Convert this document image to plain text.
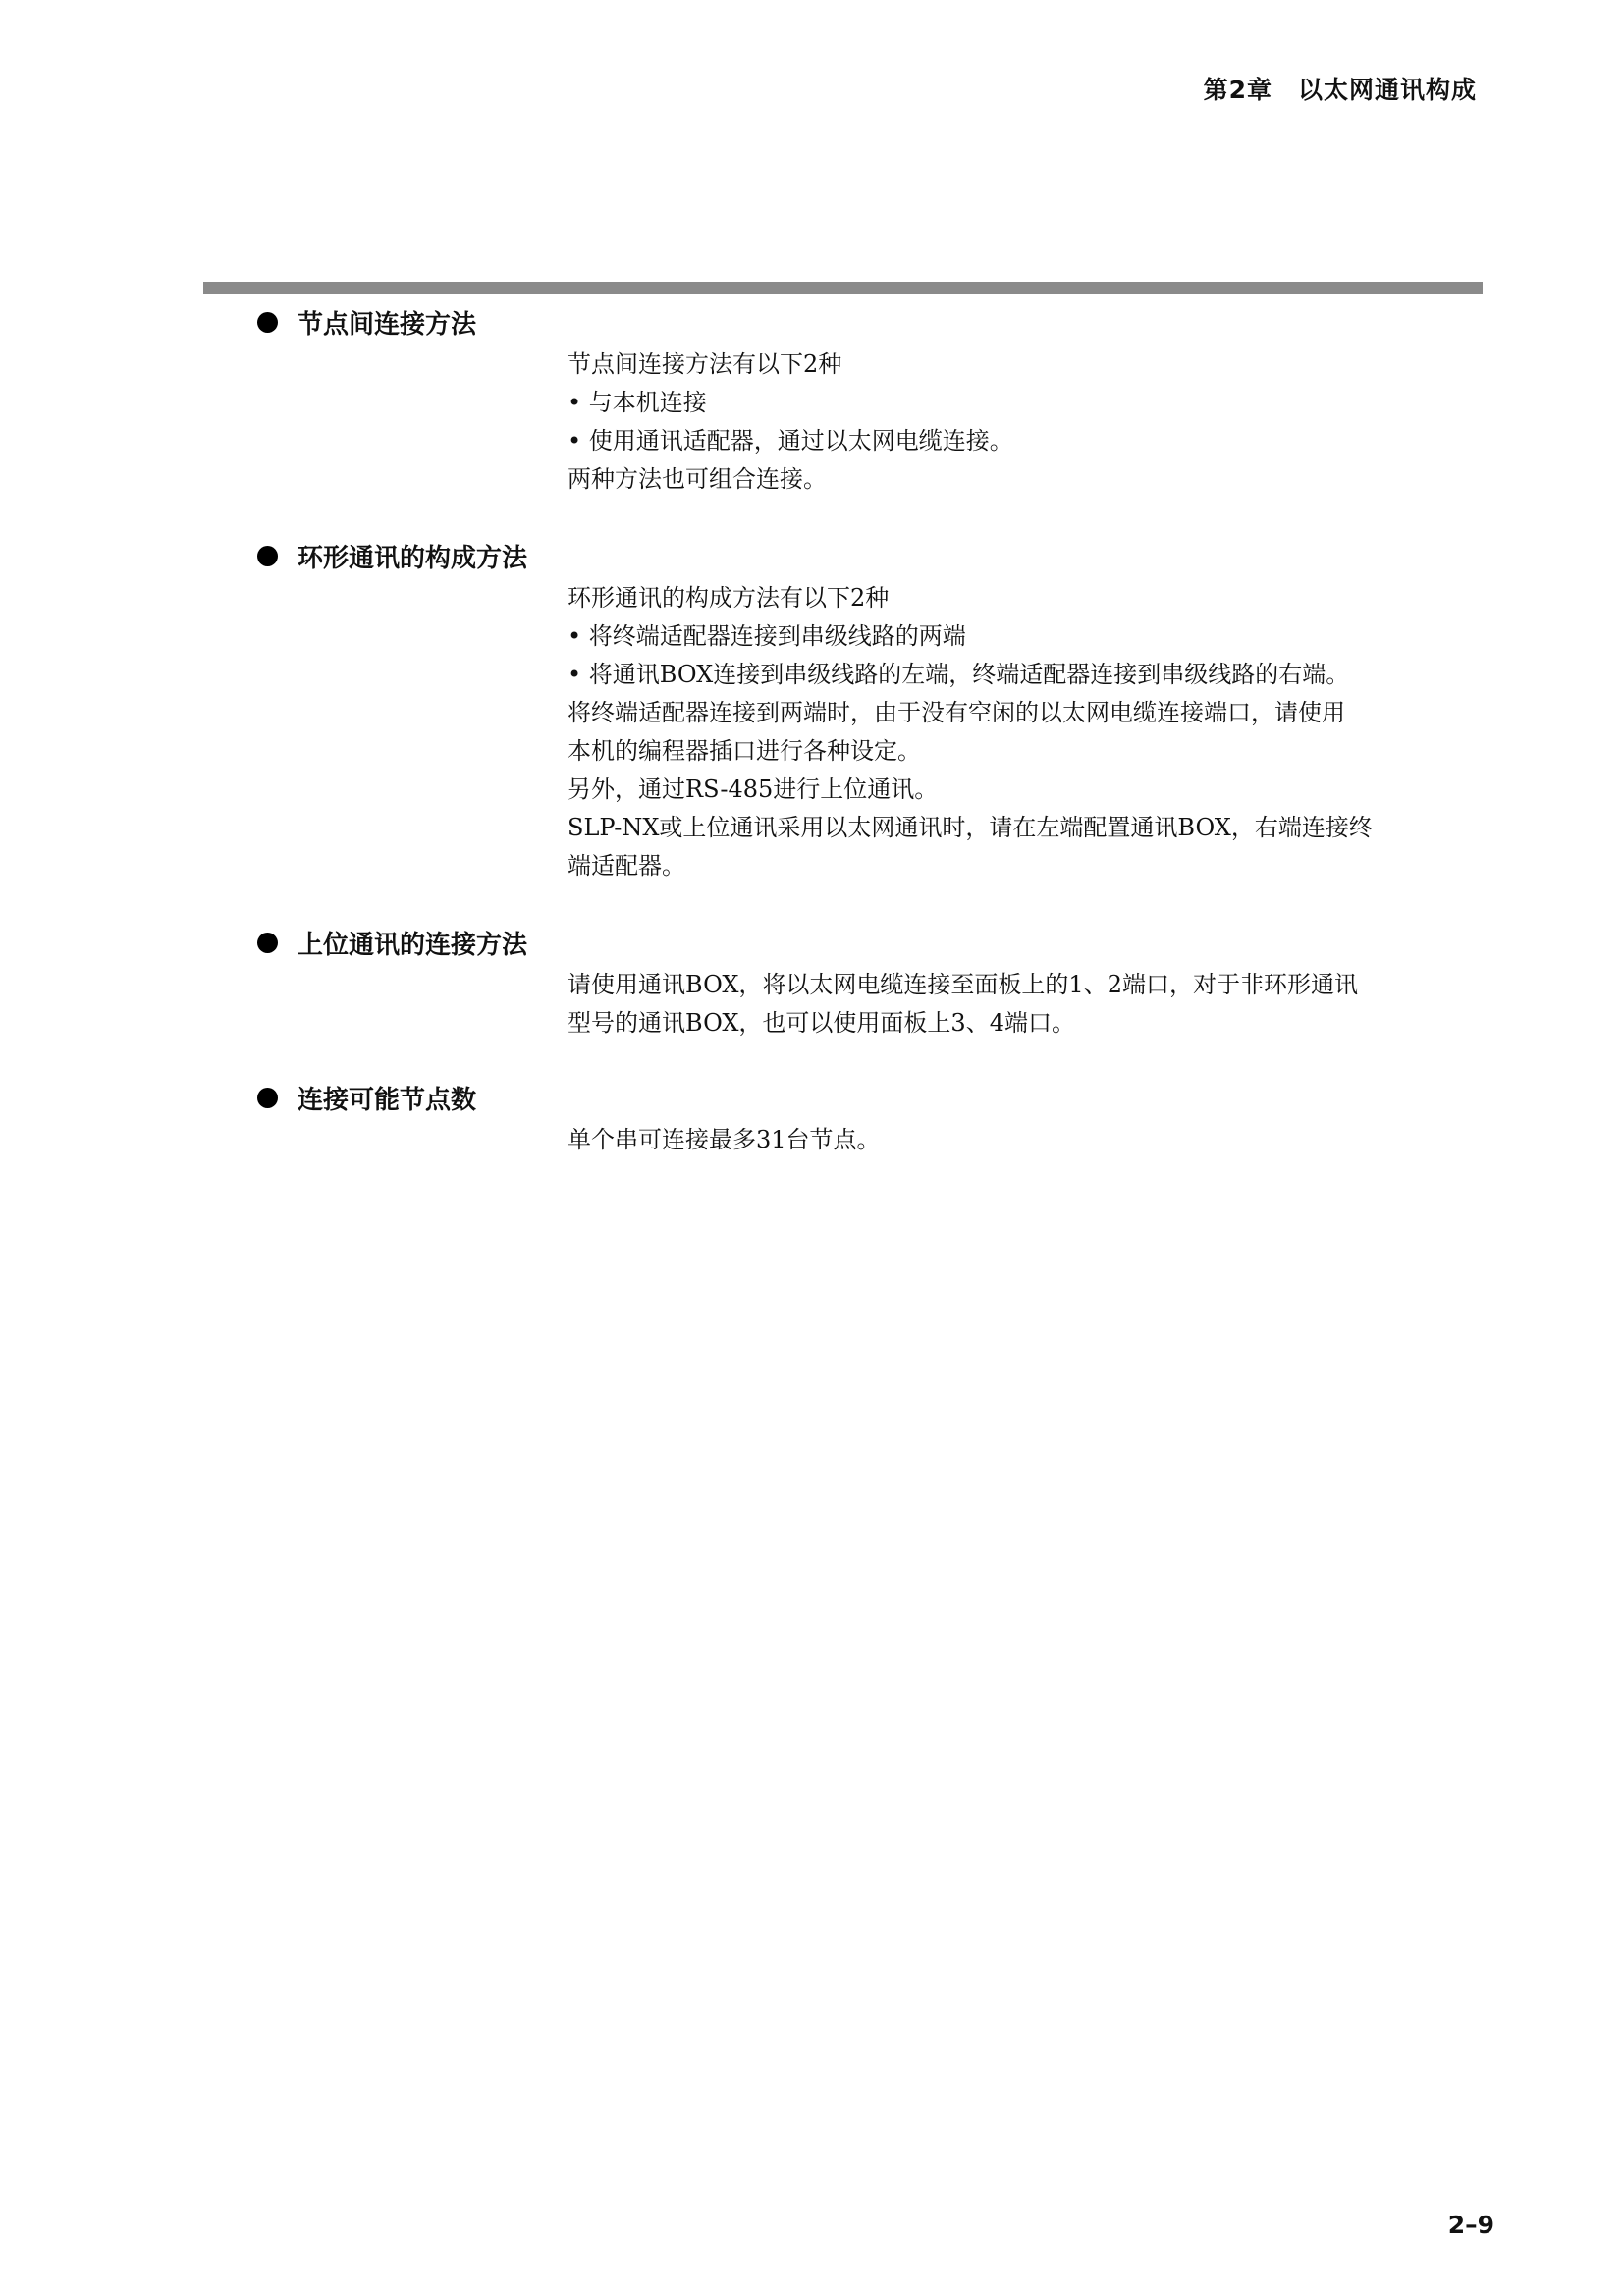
第2章 以太网通讯构成
节点间连接方法

节点间连接方法有以下2种

• 与本机连接

• 使用通讯适配器，通过以太网电缆连接。

两种方法也可组合连接。

环形通讯的构成方法

环形通讯的构成方法有以下2种

• 将终端适配器连接到串级线路的两端

• 将通讯BOX连接到串级线路的左端，终端适配器连接到串级线路的右端。

将终端适配器连接到两端时，由于没有空闲的以太网电缆连接端口，请使用

本机的编程器插口进行各种设定。

另外，通过RS-485进行上位通讯。

SLP-NX或上位通讯采用以太网通讯时，请在左端配置通讯BOX，右端连接终

端适配器。

上位通讯的连接方法

请使用通讯BOX，将以太网电缆连接至面板上的1、2端口，对于非环形通讯

型号的通讯BOX，也可以使用面板上3、4端口。

连接可能节点数

单个串可连接最多31台节点。

2–9
